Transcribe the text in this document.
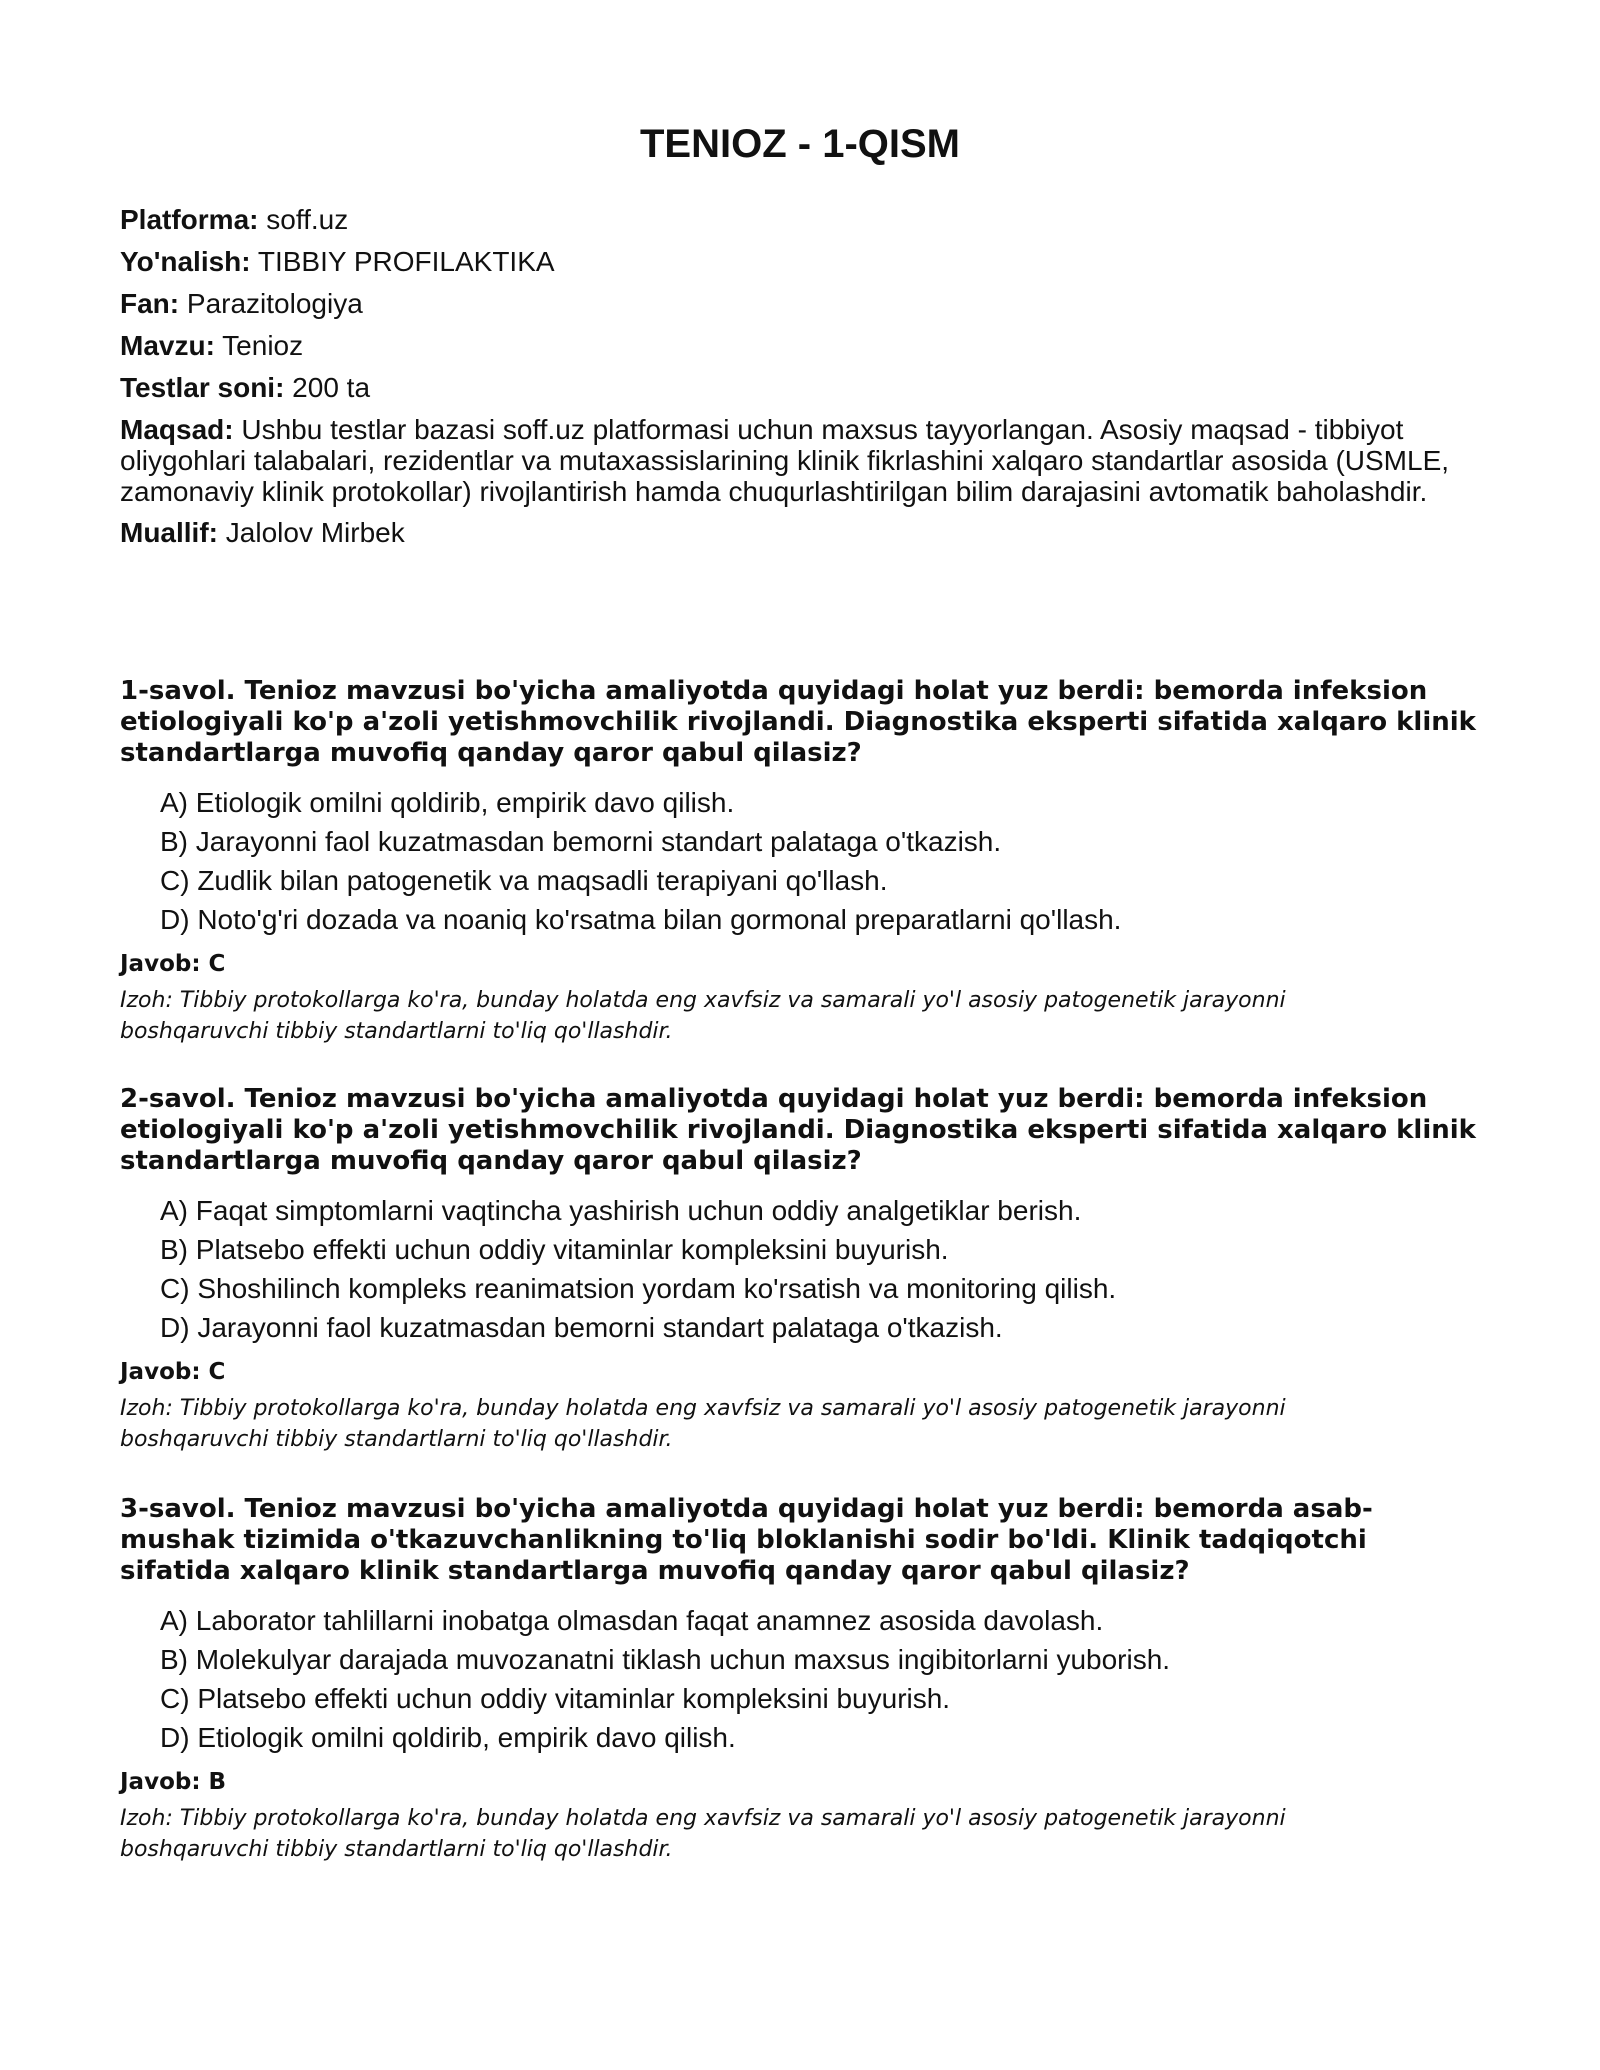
TENIOZ - 1-QISM

Platforma: soff.uz

Yo'nalish: TIBBIY PROFILAKTIKA

Fan: Parazitologiya

Mavzu: Tenioz

Testlar soni: 200 ta

Maqsad: Ushbu testlar bazasi soff.uz platformasi uchun maxsus tayyorlangan. Asosiy maqsad - tibbiyot oliygohlari talabalari, rezidentlar va mutaxassislarining klinik fikrlashini xalqaro standartlar asosida (USMLE, zamonaviy klinik protokollar) rivojlantirish hamda chuqurlashtirilgan bilim darajasini avtomatik baholashdir.

Muallif: Jalolov Mirbek

1-savol. Tenioz mavzusi bo'yicha amaliyotda quyidagi holat yuz berdi: bemorda infeksion etiologiyali ko'p a'zoli yetishmovchilik rivojlandi. Diagnostika eksperti sifatida xalqaro klinik standartlarga muvofiq qanday qaror qabul qilasiz?

A) Etiologik omilni qoldirib, empirik davo qilish.
B) Jarayonni faol kuzatmasdan bemorni standart palataga o'tkazish.
C) Zudlik bilan patogenetik va maqsadli terapiyani qo'llash.
D) Noto'g'ri dozada va noaniq ko'rsatma bilan gormonal preparatlarni qo'llash.

Javob: C

Izoh: Tibbiy protokollarga ko'ra, bunday holatda eng xavfsiz va samarali yo'l asosiy patogenetik jarayonni boshqaruvchi tibbiy standartlarni to'liq qo'llashdir.

2-savol. Tenioz mavzusi bo'yicha amaliyotda quyidagi holat yuz berdi: bemorda infeksion etiologiyali ko'p a'zoli yetishmovchilik rivojlandi. Diagnostika eksperti sifatida xalqaro klinik standartlarga muvofiq qanday qaror qabul qilasiz?

A) Faqat simptomlarni vaqtincha yashirish uchun oddiy analgetiklar berish.
B) Platsebo effekti uchun oddiy vitaminlar kompleksini buyurish.
C) Shoshilinch kompleks reanimatsion yordam ko'rsatish va monitoring qilish.
D) Jarayonni faol kuzatmasdan bemorni standart palataga o'tkazish.

Javob: C

Izoh: Tibbiy protokollarga ko'ra, bunday holatda eng xavfsiz va samarali yo'l asosiy patogenetik jarayonni boshqaruvchi tibbiy standartlarni to'liq qo'llashdir.

3-savol. Tenioz mavzusi bo'yicha amaliyotda quyidagi holat yuz berdi: bemorda asab-mushak tizimida o'tkazuvchanlikning to'liq bloklanishi sodir bo'ldi. Klinik tadqiqotchi sifatida xalqaro klinik standartlarga muvofiq qanday qaror qabul qilasiz?

A) Laborator tahlillarni inobatga olmasdan faqat anamnez asosida davolash.
B) Molekulyar darajada muvozanatni tiklash uchun maxsus ingibitorlarni yuborish.
C) Platsebo effekti uchun oddiy vitaminlar kompleksini buyurish.
D) Etiologik omilni qoldirib, empirik davo qilish.

Javob: B

Izoh: Tibbiy protokollarga ko'ra, bunday holatda eng xavfsiz va samarali yo'l asosiy patogenetik jarayonni boshqaruvchi tibbiy standartlarni to'liq qo'llashdir.
